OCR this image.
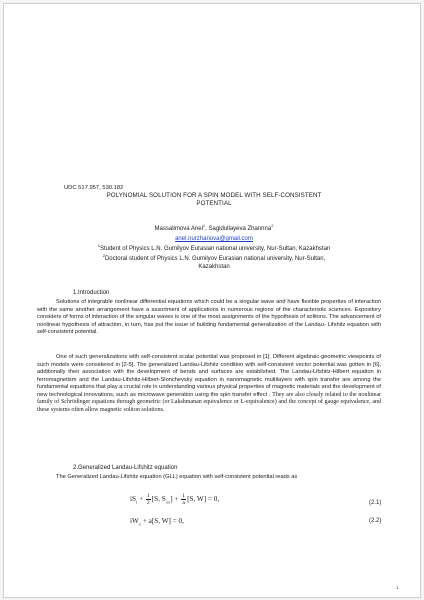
UDC 517.957, 530.182
POLYNOMIAL SOLUTION FOR A SPIN MODEL WITH SELF-CONSISTENT
POTENTIAL
Massalimova Anel$^1$, Sagidullayeva Zhannna$^2$
anel.nurzhanova@gmail.com
$^1$Student of Physics L.N. Gumilyov Eurasian national university, Nur-Sultan, Kazakhstan
$^2$Doctoral student of Physics L.N. Gumilyov Eurasian national university, Nur-Sultan,
Kazakhstan
1.Introduction
Solutions of integrable nonlinear differential equations which could be a singular wave and have flexible properties of interaction with the same another arrangement have a assortment of applications in numerous regions of the characteristic sciences. Expository considers of forms of interaction of the singular waves is one of the most assignments of the hypothesis of solitons. The advancement of nonlinear hypothesis of attraction, in turn, has put the issue of building fundamental generalization of the Landau- Lifshitz equation with self-consistent potential.
One of such generalizations with self-consistent scalar potential was proposed in [1]. Different algebraic-geometric viewpoints of such models were considered in [2-5]. The generalized Landau-Lifshitz condition with self-consistent vector potential was gotten in [6], additionally their association with the development of bends and surfaces are established. The Landau-Lifshitz-Hilbert equation in ferromagnetism and the Landau-Lifshitz-Hilbert-Slonchevsky equation in nanomagnetic multilayers with spin transfer are among the fundamental equations that play a crucial role in understanding various physical properties of magnetic materials and the development of new technological innovations, such as microwave generation using the spin transfer effect . They are also closely related to the nonlinear family of Schrödinger equations through geometric (or Lakshmanan equivalence or L-equivalence) and the concept of gauge equivalence, and these systems often allow magnetic soliton solutions.
2.Generalized Landau-Lifshitz equation
The Generalized Landau-Lifshitz equation (GLL) equation with self-consistent potential reads as
$iS_t + \frac{1}{2} [S$, $S_{xx}] + \frac{1}{a} [S$, W] = 0,	(2.1)
$iW_x + a[S$, W] = 0,	(2.2)
1
